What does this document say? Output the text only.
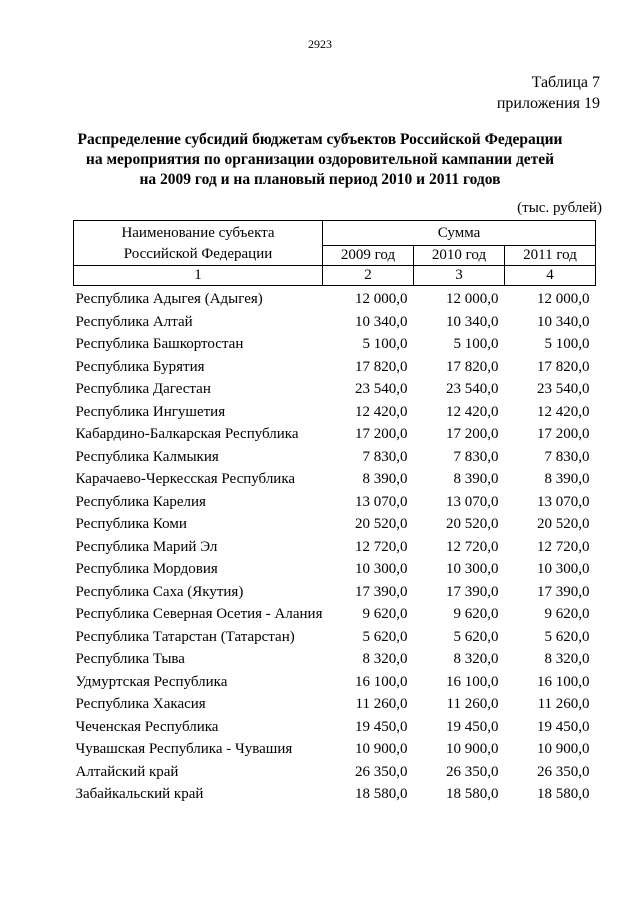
2923
Таблица 7
приложения 19
Распределение субсидий бюджетам субъектов Российской Федерации
на мероприятия по организации оздоровительной кампании детей
на 2009 год и на плановый период 2010 и 2011 годов
(тыс. рублей)
Наименование субъекта
Российской Федерации	Сумма		
	2009 год	2010 год	2011 год
1	2	3	4
Республика Адыгея (Адыгея)	12 000,0	12 000,0	12 000,0
Республика Алтай	10 340,0	10 340,0	10 340,0
Республика Башкортостан	5 100,0	5 100,0	5 100,0
Республика Бурятия	17 820,0	17 820,0	17 820,0
Республика Дагестан	23 540,0	23 540,0	23 540,0
Республика Ингушетия	12 420,0	12 420,0	12 420,0
Кабардино-Балкарская Республика	17 200,0	17 200,0	17 200,0
Республика Калмыкия	7 830,0	7 830,0	7 830,0
Карачаево-Черкесская Республика	8 390,0	8 390,0	8 390,0
Республика Карелия	13 070,0	13 070,0	13 070,0
Республика Коми	20 520,0	20 520,0	20 520,0
Республика Марий Эл	12 720,0	12 720,0	12 720,0
Республика Мордовия	10 300,0	10 300,0	10 300,0
Республика Саха (Якутия)	17 390,0	17 390,0	17 390,0
Республика Северная Осетия - Алания	9 620,0	9 620,0	9 620,0
Республика Татарстан (Татарстан)	5 620,0	5 620,0	5 620,0
Республика Тыва	8 320,0	8 320,0	8 320,0
Удмуртская Республика	16 100,0	16 100,0	16 100,0
Республика Хакасия	11 260,0	11 260,0	11 260,0
Чеченская Республика	19 450,0	19 450,0	19 450,0
Чувашская Республика - Чувашия	10 900,0	10 900,0	10 900,0
Алтайский край	26 350,0	26 350,0	26 350,0
Забайкальский край	18 580,0	18 580,0	18 580,0
